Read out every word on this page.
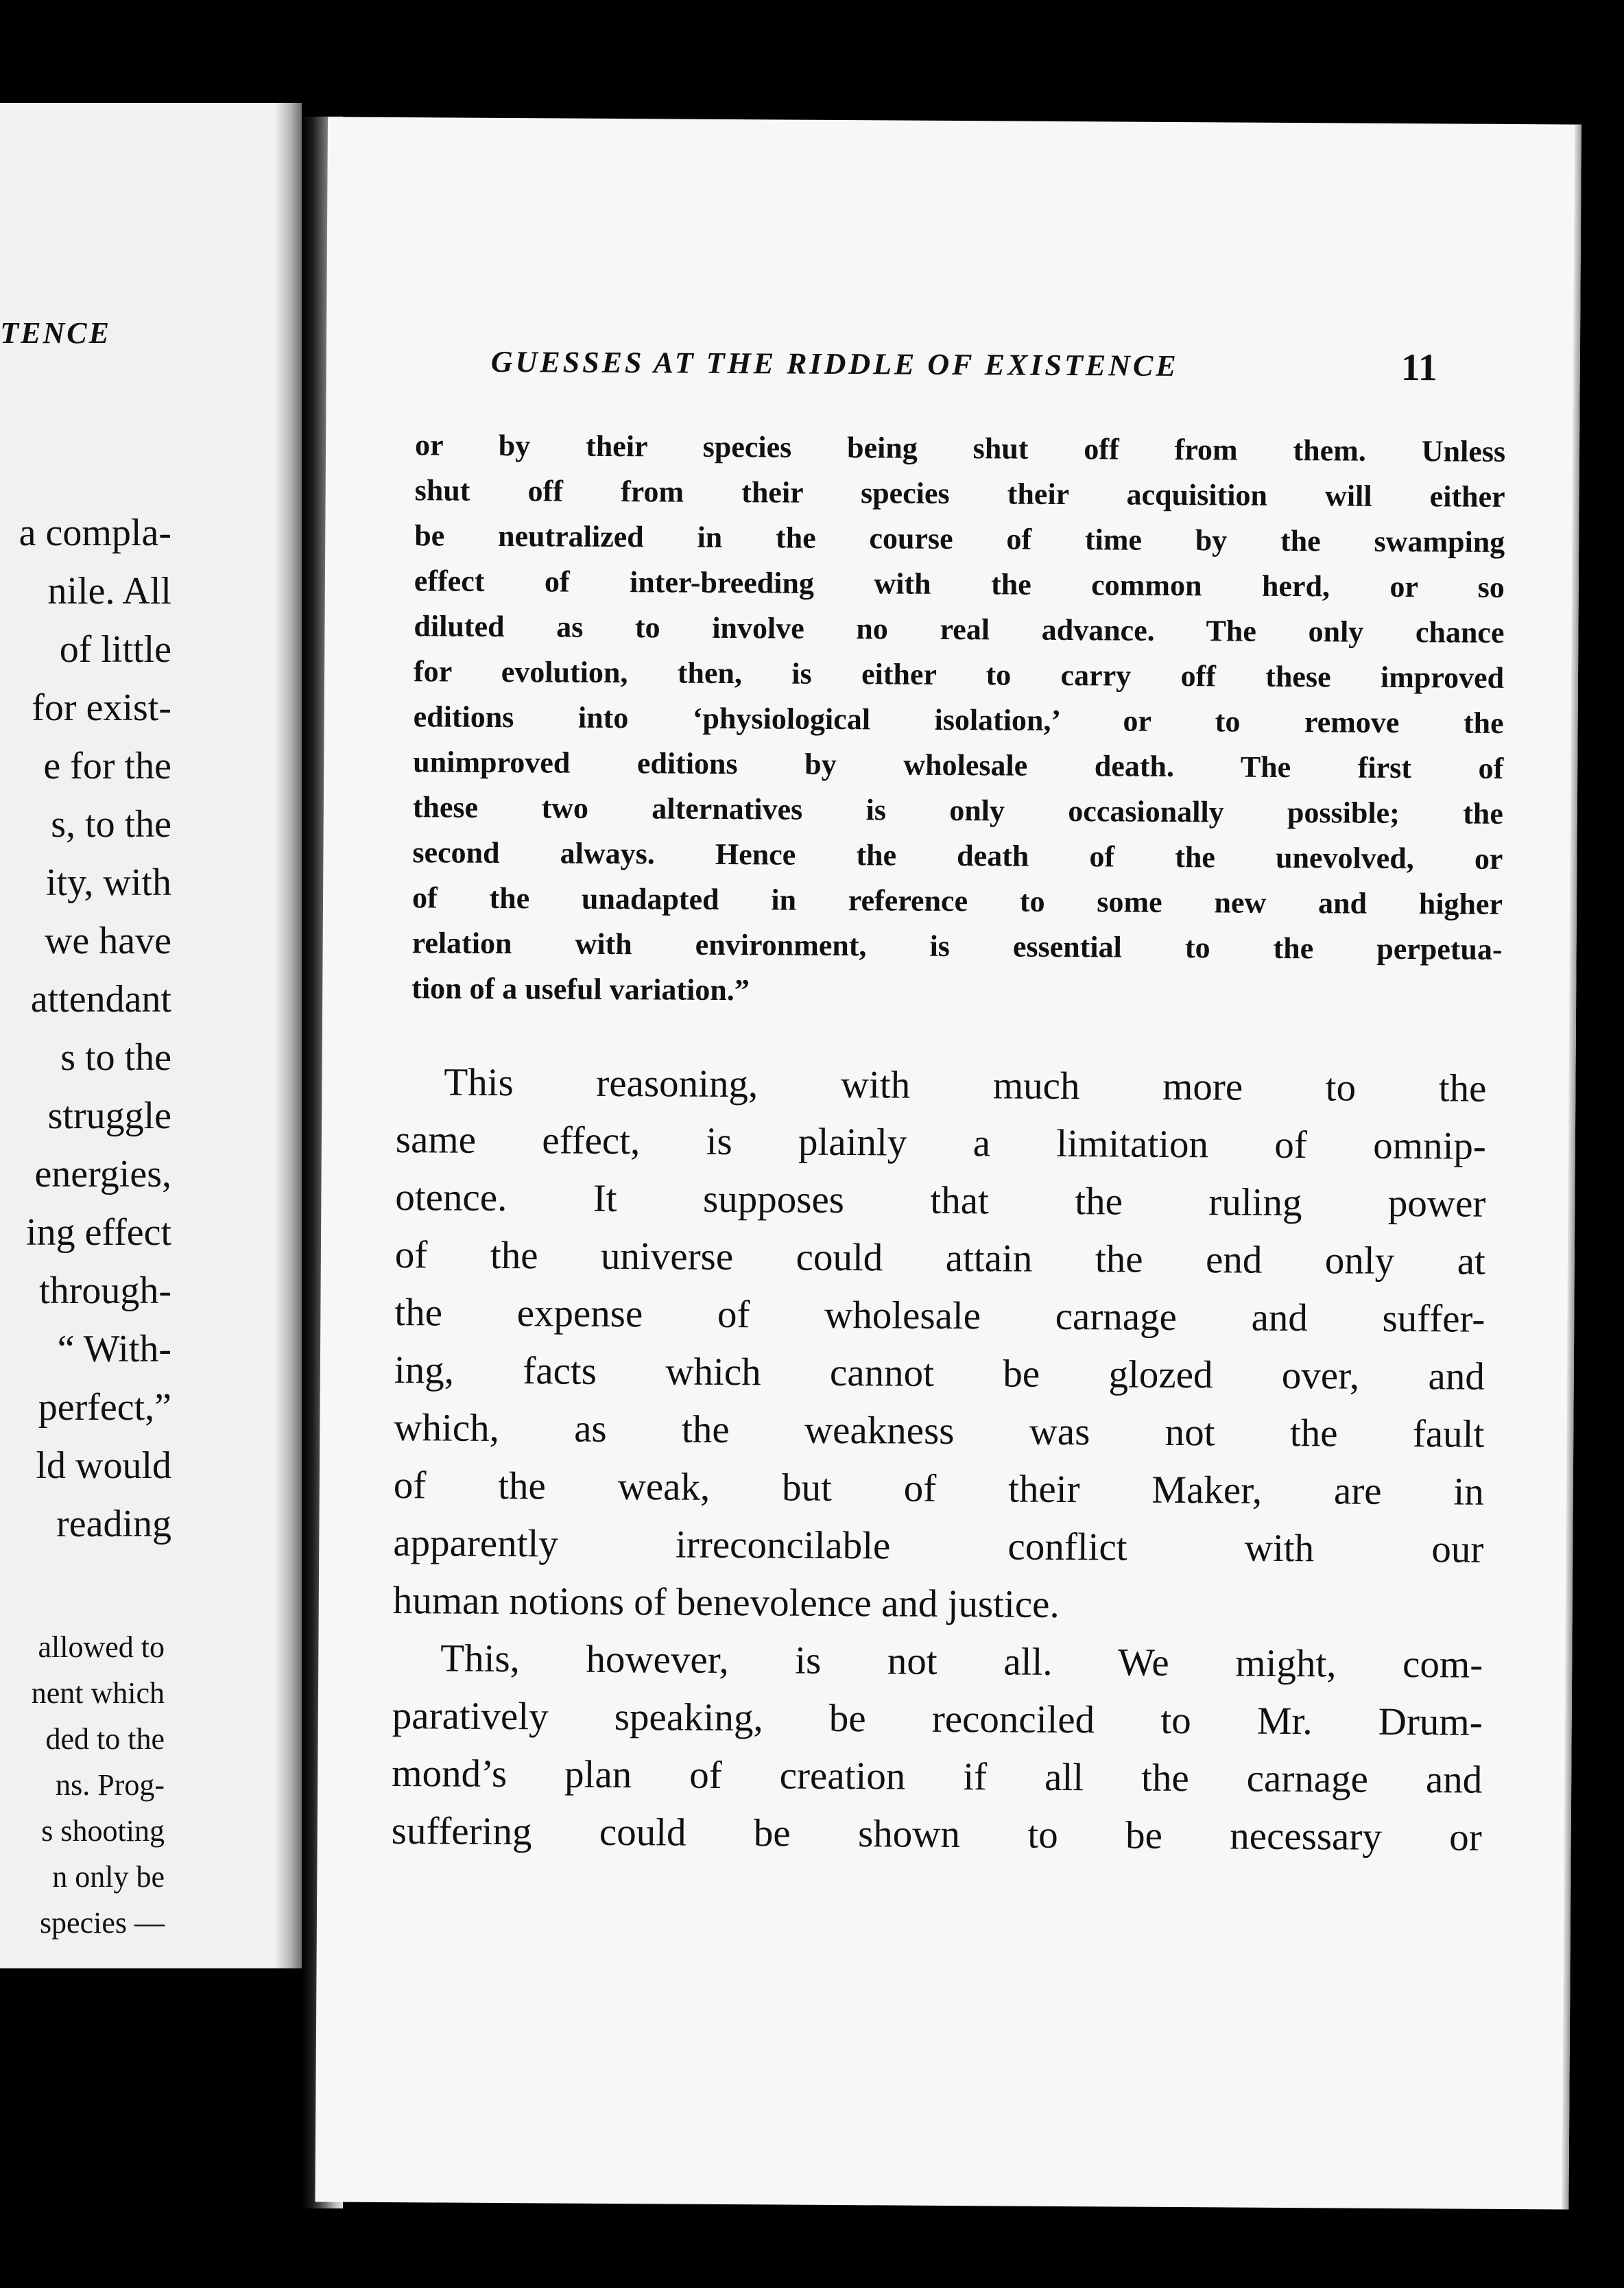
TENCE
a compla-
nile. All
of little
for exist-
e for the
s, to the
ity, with
we have
attendant
s to the
struggle
energies,
ing effect
through-
“ With-
perfect,”
ld would
reading
allowed to
nent which
ded to the
ns. Prog-
s shooting
n only be
species —
GUESSES AT THE RIDDLE OF EXISTENCE	11
or by their species being shut off from them. Unless
shut off from their species their acquisition will either
be neutralized in the course of time by the swamping
effect of inter-breeding with the common herd, or so
diluted as to involve no real advance. The only chance
for evolution, then, is either to carry off these improved
editions into ‘physiological isolation,’ or to remove the
unimproved editions by wholesale death. The first of
these two alternatives is only occasionally possible; the
second always. Hence the death of the unevolved, or
of the unadapted in reference to some new and higher
relation with environment, is essential to the perpetua-
tion of a useful variation.”
This reasoning, with much more to the
same effect, is plainly a limitation of omnip-
otence. It supposes that the ruling power
of the universe could attain the end only at
the expense of wholesale carnage and suffer-
ing, facts which cannot be glozed over, and
which, as the weakness was not the fault
of the weak, but of their Maker, are in
apparently irreconcilable conflict with our
human notions of benevolence and justice.
This, however, is not all. We might, com-
paratively speaking, be reconciled to Mr. Drum-
mond’s plan of creation if all the carnage and
suffering could be shown to be necessary or
